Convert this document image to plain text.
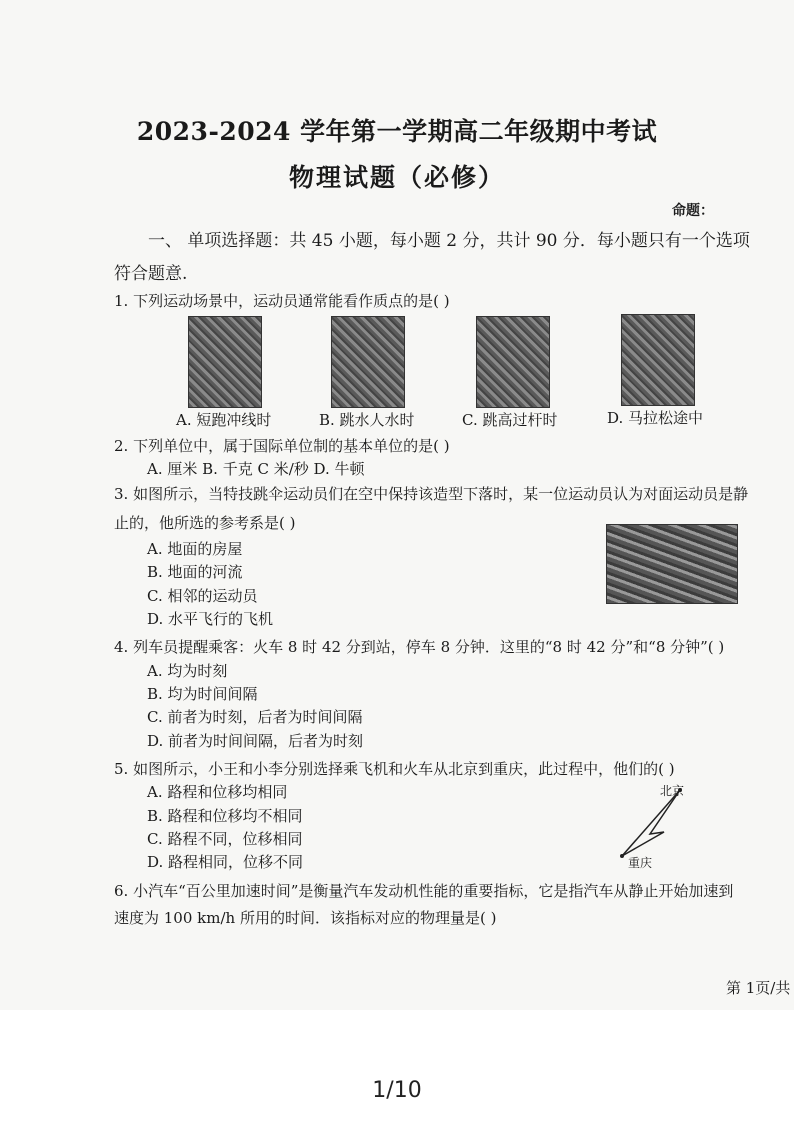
2023-2024 学年第一学期高二年级期中考试
物理试题（必修）
命题：
一、 单项选择题：共 45 小题，每小题 2 分，共计 90 分．每小题只有一个选项
符合题意.
1. 下列运动场景中，运动员通常能看作质点的是( )
A. 短跑冲线时	B. 跳水人水时	C. 跳高过杆时	D. 马拉松途中
2. 下列单位中，属于国际单位制的基本单位的是( )
A. 厘米 B. 千克 C 米/秒 D. 牛顿
3. 如图所示，当特技跳伞运动员们在空中保持该造型下落时，某一位运动员认为对面运动员是静
止的，他所选的参考系是( )
A. 地面的房屋
B. 地面的河流
C. 相邻的运动员
D. 水平飞行的飞机
4. 列车员提醒乘客：火车 8 时 42 分到站，停车 8 分钟．这里的“8 时 42 分”和“8 分钟”( )
A. 均为时刻
B. 均为时间间隔
C. 前者为时刻，后者为时间间隔
D. 前者为时间间隔，后者为时刻
5. 如图所示，小王和小李分别选择乘飞机和火车从北京到重庆，此过程中，他们的( )
A. 路程和位移均相同
B. 路程和位移均不相同
C. 路程不同，位移相同
D. 路程相同，位移不同
北京
重庆
6. 小汽车“百公里加速时间”是衡量汽车发动机性能的重要指标，它是指汽车从静止开始加速到
速度为 100 km/h 所用的时间．该指标对应的物理量是( )
第 1页/共
1/10
